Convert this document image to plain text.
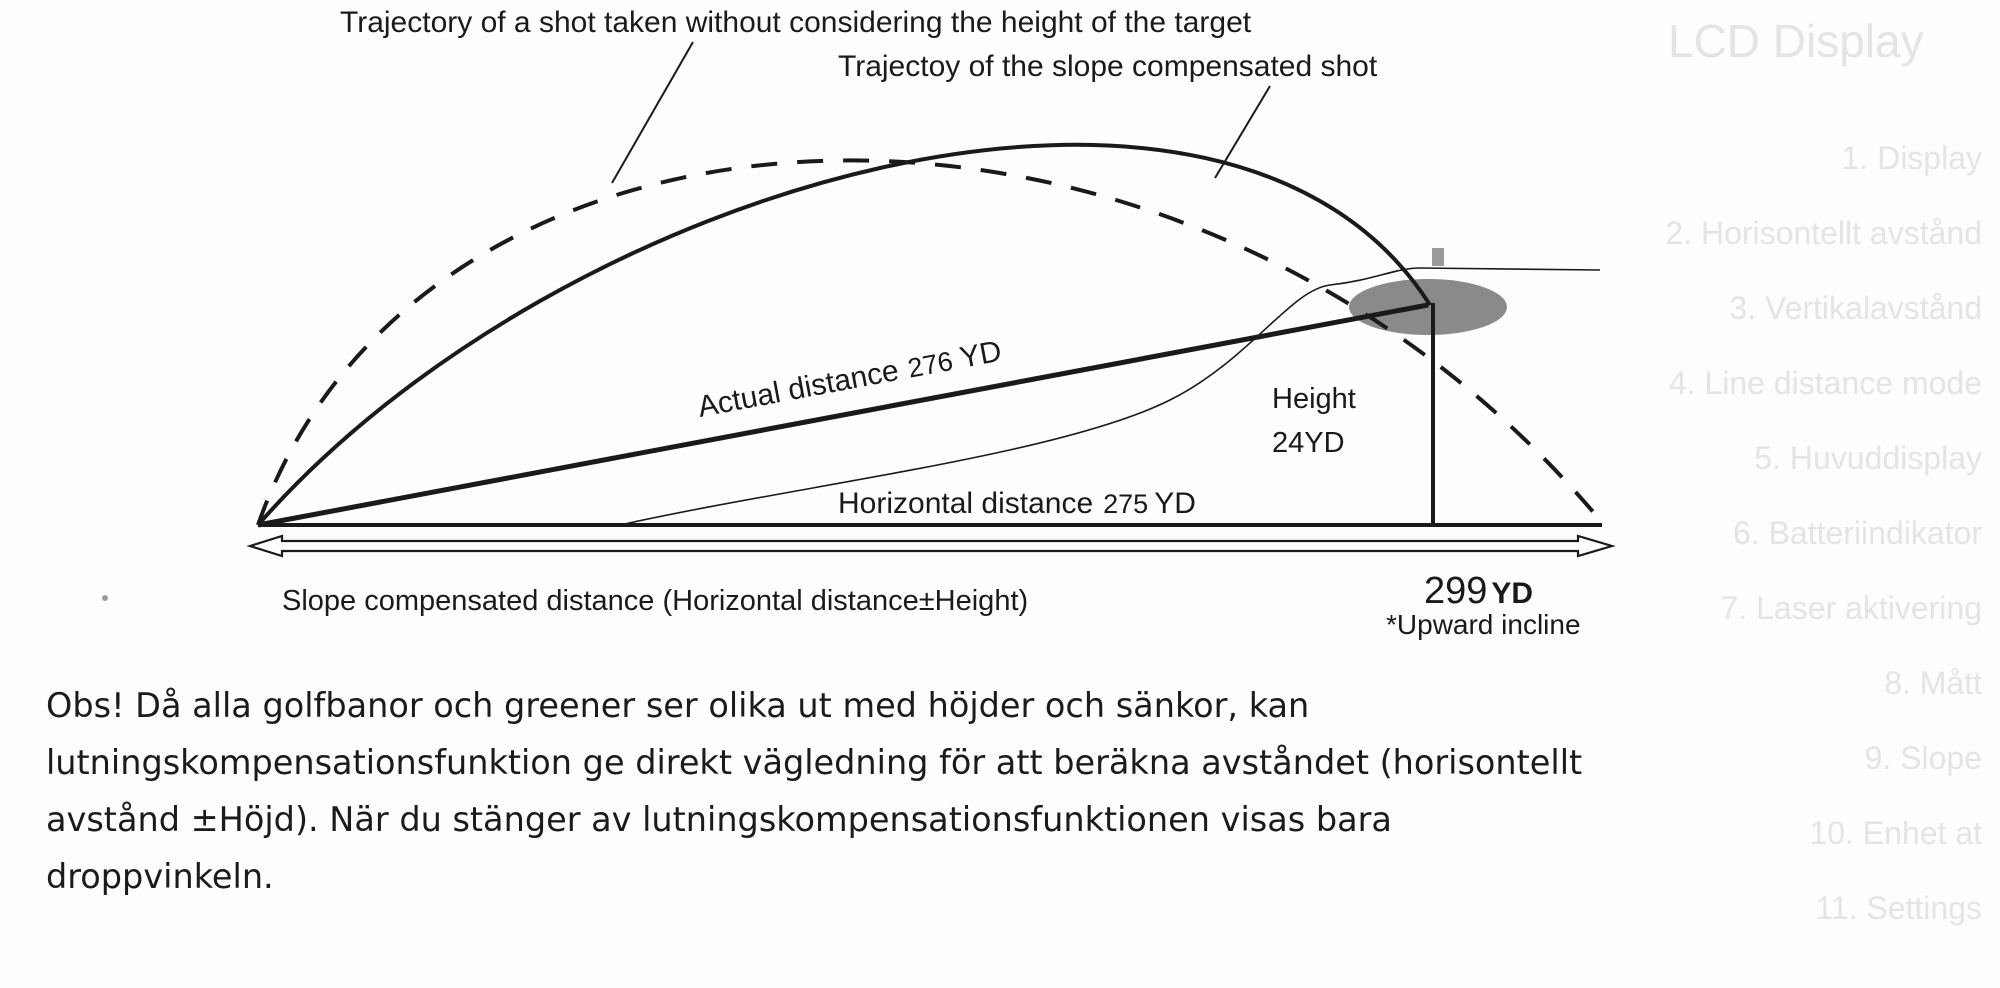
LCD Display
1. Display
2. Horisontellt avstånd
3. Vertikalavstånd
4. Line distance mode
5. Huvuddisplay
6. Batteriindikator
7. Laser aktivering
8. Mått
9. Slope
10. Enhet at
11. Settings
Trajectory of a shot taken without considering the height of the target
Trajectoy of the slope compensated shot
Actual distance 276YD
Height
24YD
Horizontal distance 275 YD
Slope compensated distance (Horizontal distance±Height)	299 YD
*Upward incline
Obs! Då alla golfbanor och greener ser olika ut med höjder och sänkor, kan
lutningskompensationsfunktion ge direkt vägledning för att beräkna avståndet (horisontellt
avstånd ±Höjd). När du stänger av lutningskompensationsfunktionen visas bara
droppvinkeln.
